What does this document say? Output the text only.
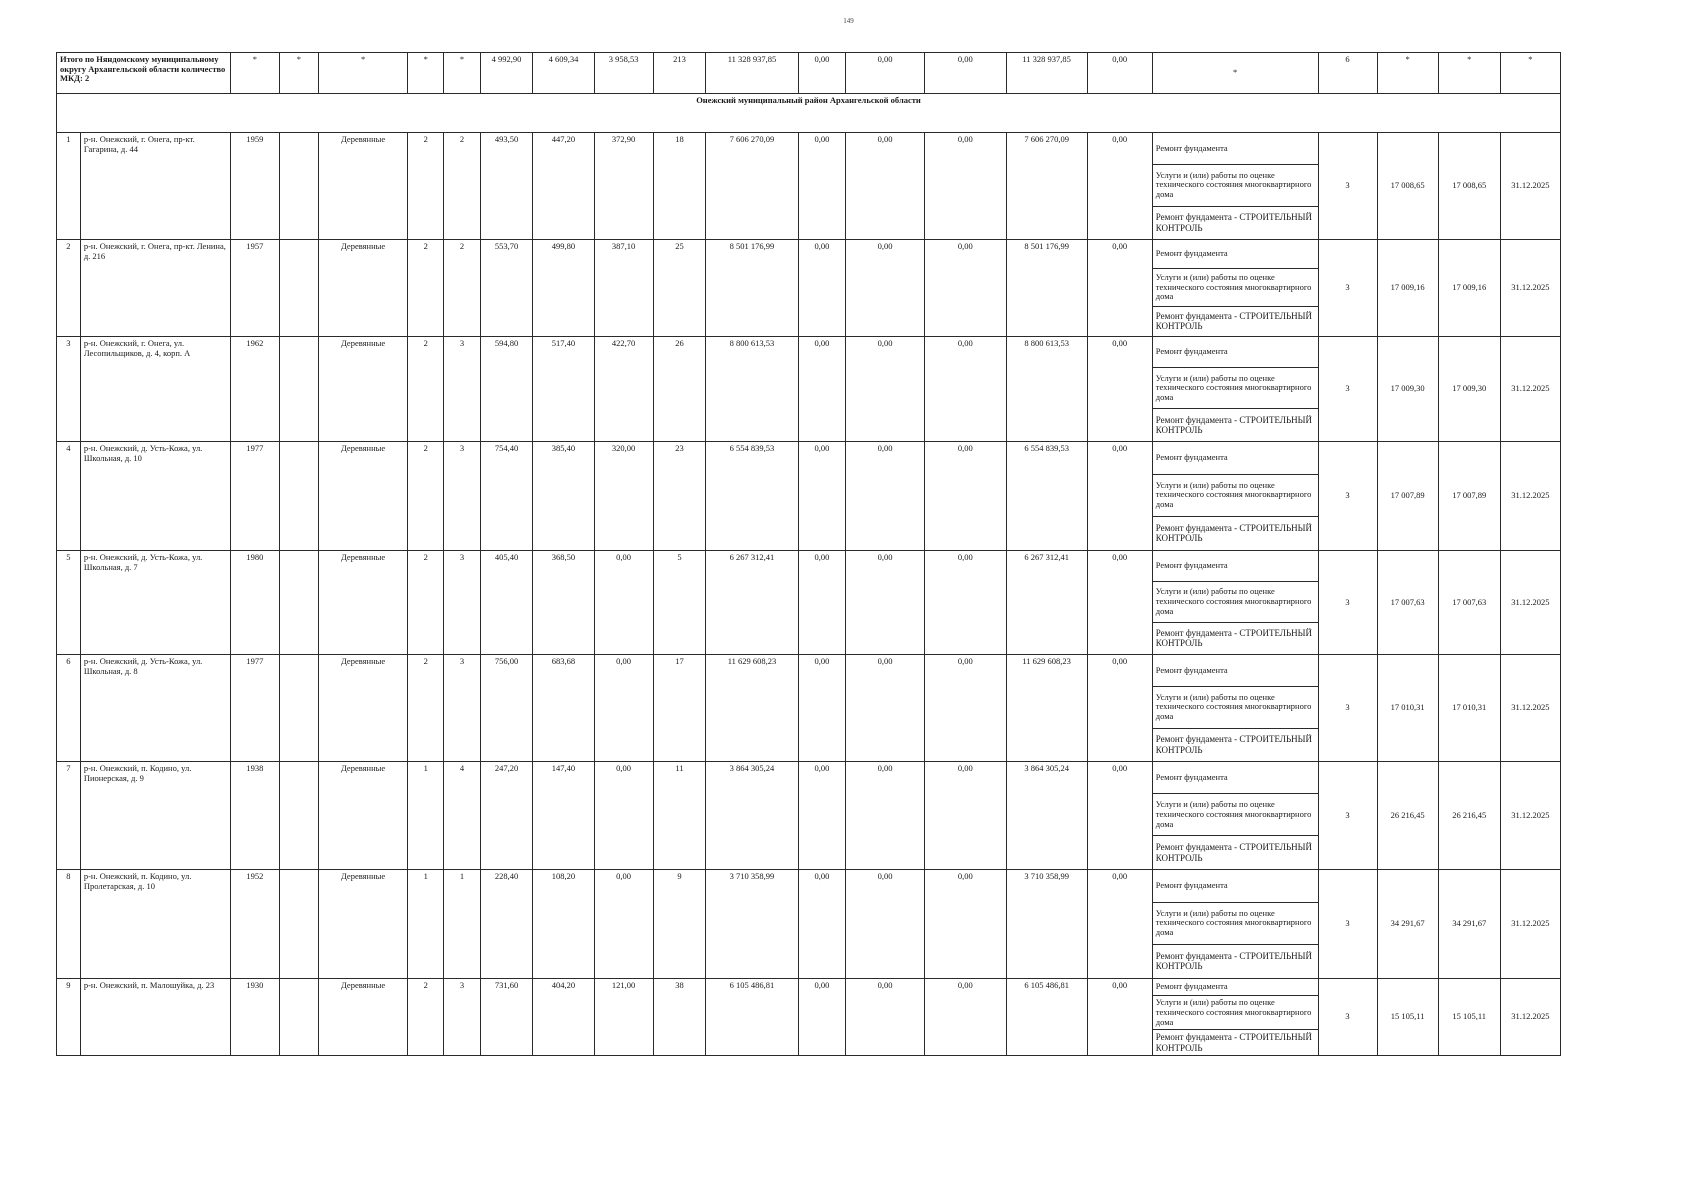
149
Итого по Няндомскому муниципальному округу Архангельской области количество МКД: 2		*	*	*	*	*	4 992,90	4 609,34	3 958,53	213	11 328 937,85	0,00	0,00	0,00	11 328 937,85	0,00	*	6	*	*	*
Онежский муниципальный район Архангельской области																					
1	р-н. Онежский, г. Онега, пр-кт. Гагарина, д. 44	1959		Деревянные	2	2	493,50	447,20	372,90	18	7 606 270,09	0,00	0,00	0,00	7 606 270,09	0,00	Ремонт фундамента
Услуги и (или) работы по оценке технического состояния многоквартирного дома
Ремонт фундамента - СТРОИТЕЛЬНЫЙ КОНТРОЛЬ	3	17 008,65	17 008,65	31.12.2025
2	р-н. Онежский, г. Онега, пр-кт. Ленина, д. 216	1957		Деревянные	2	2	553,70	499,80	387,10	25	8 501 176,99	0,00	0,00	0,00	8 501 176,99	0,00	Ремонт фундамента
Услуги и (или) работы по оценке технического состояния многоквартирного дома
Ремонт фундамента - СТРОИТЕЛЬНЫЙ КОНТРОЛЬ	3	17 009,16	17 009,16	31.12.2025
3	р-н. Онежский, г. Онега, ул. Лесопильщиков, д. 4, корп. А	1962		Деревянные	2	3	594,80	517,40	422,70	26	8 800 613,53	0,00	0,00	0,00	8 800 613,53	0,00	Ремонт фундамента
Услуги и (или) работы по оценке технического состояния многоквартирного дома
Ремонт фундамента - СТРОИТЕЛЬНЫЙ КОНТРОЛЬ	3	17 009,30	17 009,30	31.12.2025
4	р-н. Онежский, д. Усть-Кожа, ул. Школьная, д. 10	1977		Деревянные	2	3	754,40	385,40	320,00	23	6 554 839,53	0,00	0,00	0,00	6 554 839,53	0,00	Ремонт фундамента
Услуги и (или) работы по оценке технического состояния многоквартирного дома
Ремонт фундамента - СТРОИТЕЛЬНЫЙ КОНТРОЛЬ	3	17 007,89	17 007,89	31.12.2025
5	р-н. Онежский, д. Усть-Кожа, ул. Школьная, д. 7	1980		Деревянные	2	3	405,40	368,50	0,00	5	6 267 312,41	0,00	0,00	0,00	6 267 312,41	0,00	Ремонт фундамента
Услуги и (или) работы по оценке технического состояния многоквартирного дома
Ремонт фундамента - СТРОИТЕЛЬНЫЙ КОНТРОЛЬ	3	17 007,63	17 007,63	31.12.2025
6	р-н. Онежский, д. Усть-Кожа, ул. Школьная, д. 8	1977		Деревянные	2	3	756,00	683,68	0,00	17	11 629 608,23	0,00	0,00	0,00	11 629 608,23	0,00	Ремонт фундамента
Услуги и (или) работы по оценке технического состояния многоквартирного дома
Ремонт фундамента - СТРОИТЕЛЬНЫЙ КОНТРОЛЬ	3	17 010,31	17 010,31	31.12.2025
7	р-н. Онежский, п. Кодино, ул. Пионерская, д. 9	1938		Деревянные	1	4	247,20	147,40	0,00	11	3 864 305,24	0,00	0,00	0,00	3 864 305,24	0,00	Ремонт фундамента
Услуги и (или) работы по оценке технического состояния многоквартирного дома
Ремонт фундамента - СТРОИТЕЛЬНЫЙ КОНТРОЛЬ	3	26 216,45	26 216,45	31.12.2025
8	р-н. Онежский, п. Кодино, ул. Пролетарская, д. 10	1952		Деревянные	1	1	228,40	108,20	0,00	9	3 710 358,99	0,00	0,00	0,00	3 710 358,99	0,00	Ремонт фундамента
Услуги и (или) работы по оценке технического состояния многоквартирного дома
Ремонт фундамента - СТРОИТЕЛЬНЫЙ КОНТРОЛЬ	3	34 291,67	34 291,67	31.12.2025
9	р-н. Онежский, п. Малошуйка, д. 23	1930		Деревянные	2	3	731,60	404,20	121,00	38	6 105 486,81	0,00	0,00	0,00	6 105 486,81	0,00	Ремонт фундамента
Услуги и (или) работы по оценке технического состояния многоквартирного дома
Ремонт фундамента - СТРОИТЕЛЬНЫЙ КОНТРОЛЬ	3	15 105,11	15 105,11	31.12.2025
